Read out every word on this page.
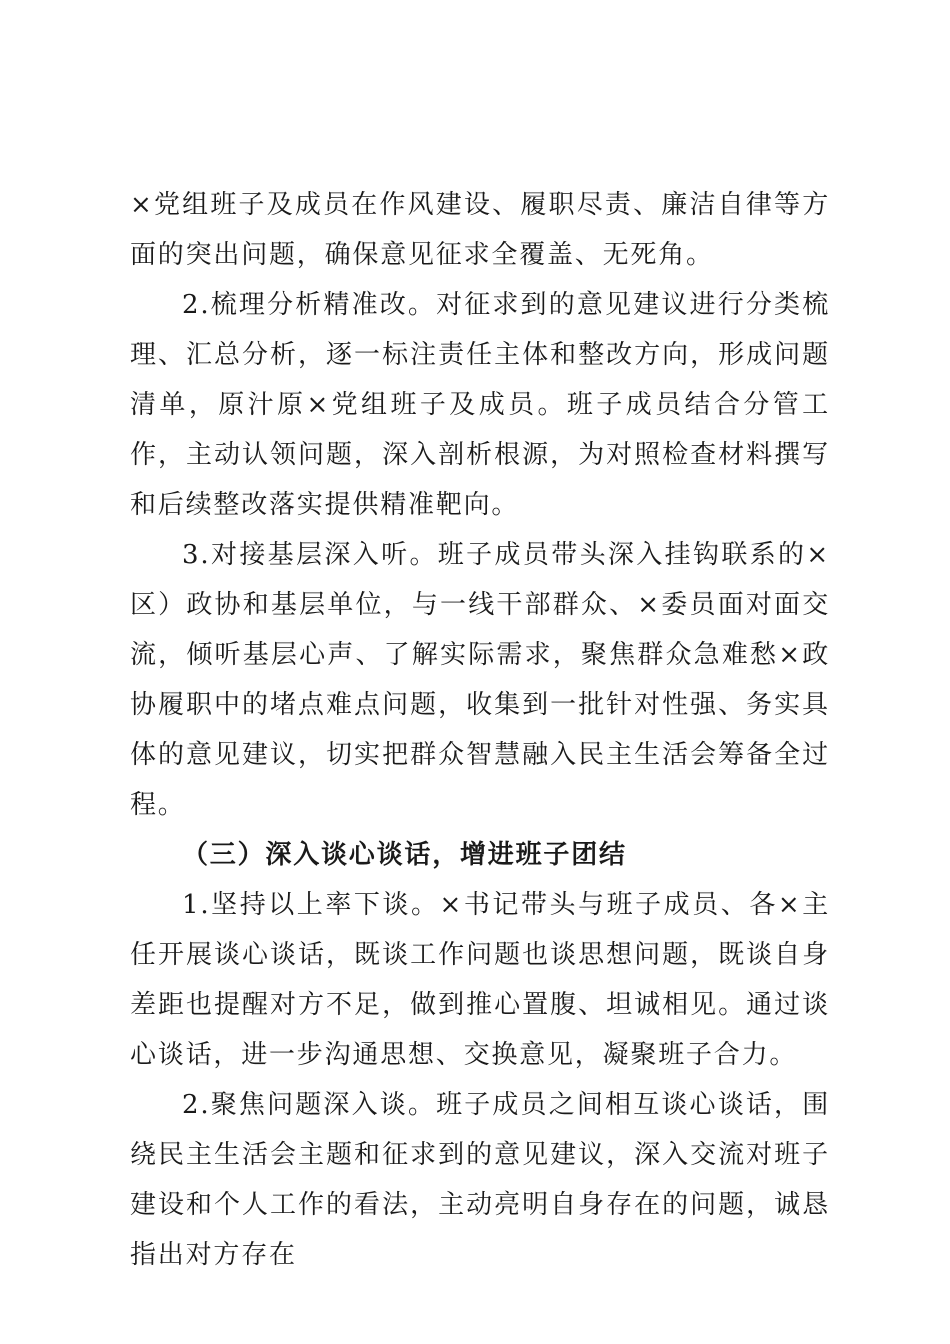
×党组班子及成员在作风建设、履职尽责、廉洁自律等方面的突出问题，确保意见征求全覆盖、无死角。

2.梳理分析精准改。对征求到的意见建议进行分类梳理、汇总分析，逐一标注责任主体和整改方向，形成问题清单，原汁原×党组班子及成员。班子成员结合分管工作，主动认领问题，深入剖析根源，为对照检查材料撰写和后续整改落实提供精准靶向。

3.对接基层深入听。班子成员带头深入挂钩联系的×区）政协和基层单位，与一线干部群众、×委员面对面交流，倾听基层心声、了解实际需求，聚焦群众急难愁×政协履职中的堵点难点问题，收集到一批针对性强、务实具体的意见建议，切实把群众智慧融入民主生活会筹备全过程。

（三）深入谈心谈话，增进班子团结

1.坚持以上率下谈。×书记带头与班子成员、各×主任开展谈心谈话，既谈工作问题也谈思想问题，既谈自身差距也提醒对方不足，做到推心置腹、坦诚相见。通过谈心谈话，进一步沟通思想、交换意见，凝聚班子合力。

2.聚焦问题深入谈。班子成员之间相互谈心谈话，围绕民主生活会主题和征求到的意见建议，深入交流对班子建设和个人工作的看法，主动亮明自身存在的问题，诚恳指出对方存在
